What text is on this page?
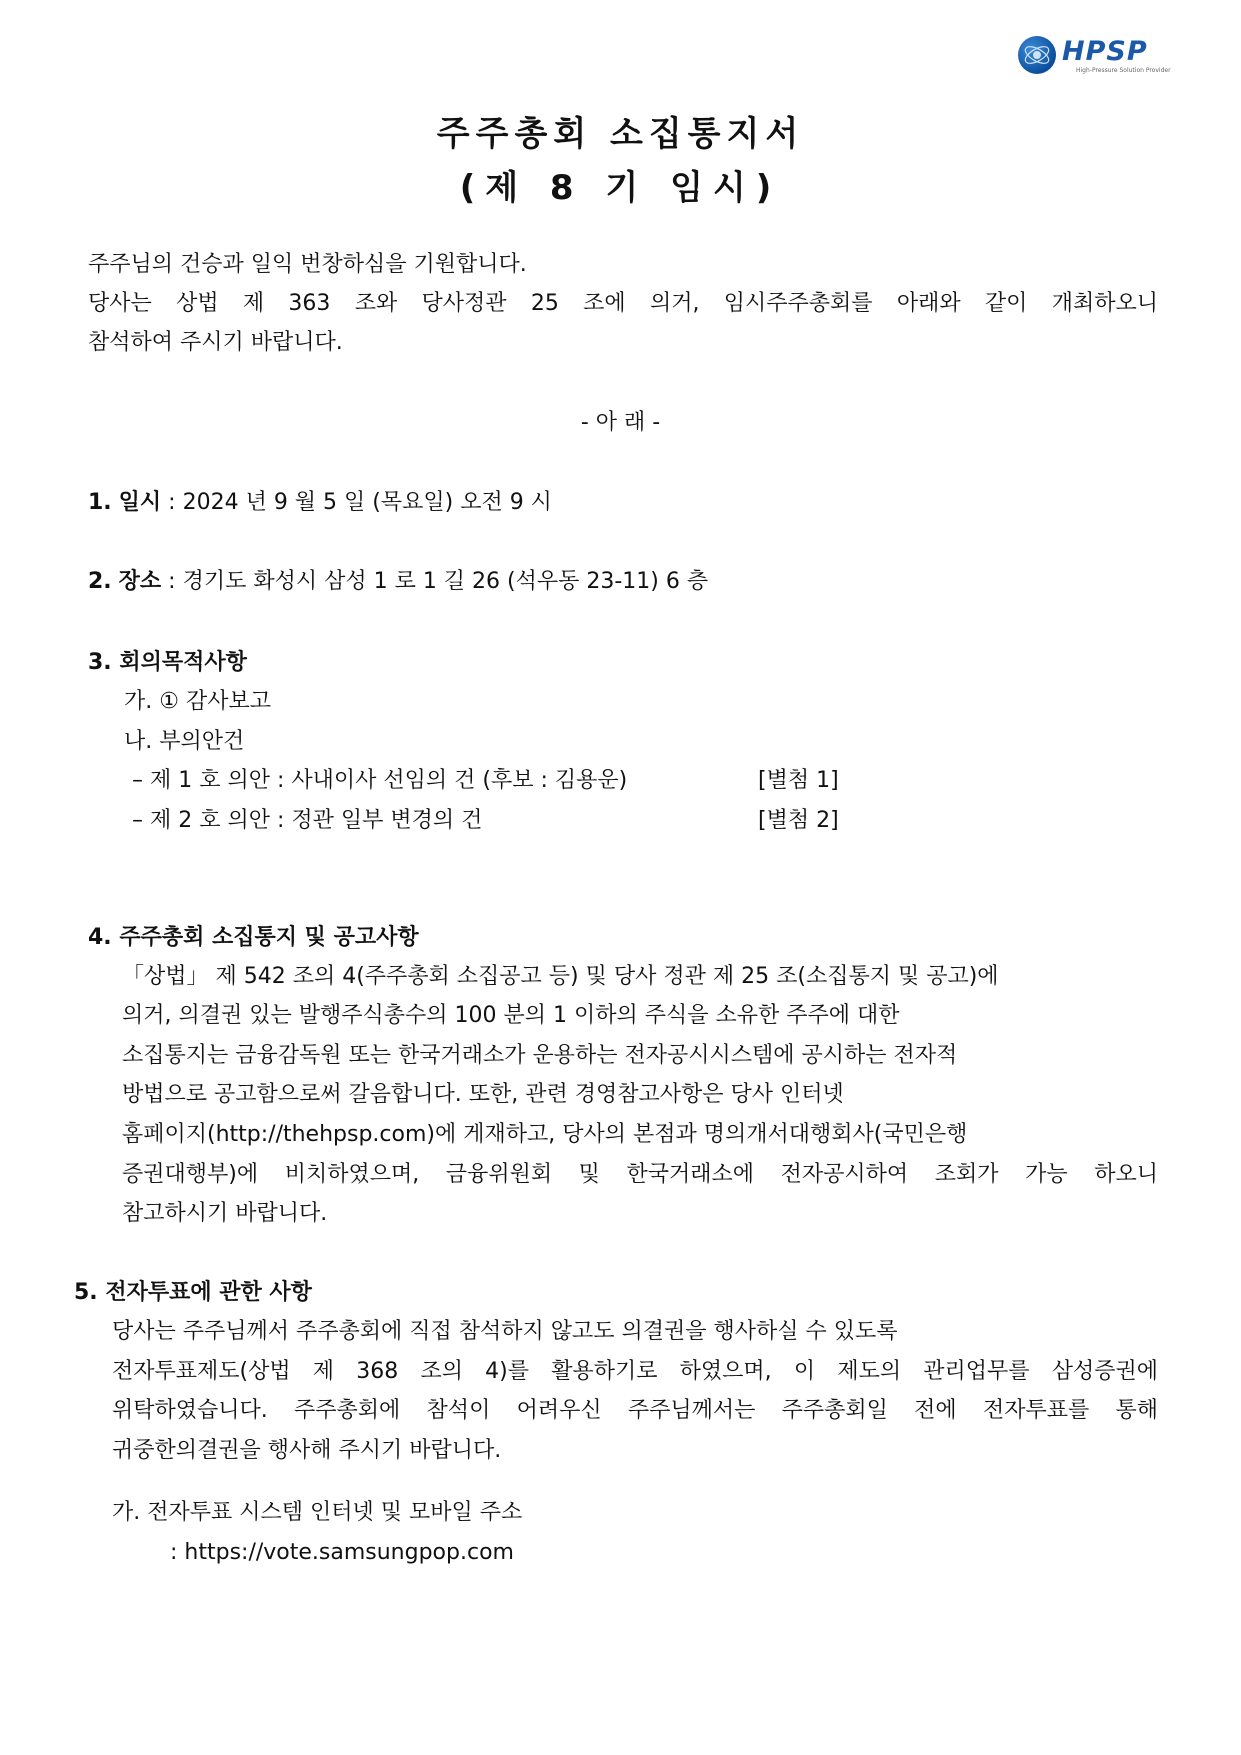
HPSP
High-Pressure Solution Provider
주주총회 소집통지서
(제 8 기 임시)
주주님의 건승과 일익 번창하심을 기원합니다.
당사는 상법 제 363 조와 당사정관 25 조에 의거, 임시주주총회를 아래와 같이 개최하오니
참석하여 주시기 바랍니다.
- 아 래 -
1. 일시 : 2024 년 9 월 5 일 (목요일) 오전 9 시
2. 장소 : 경기도 화성시 삼성 1 로 1 길 26 (석우동 23-11) 6 층
3. 회의목적사항
가. ① 감사보고
나. 부의안건
– 제 1 호 의안 : 사내이사 선임의 건 (후보 : 김용운)	[별첨 1]
– 제 2 호 의안 : 정관 일부 변경의 건	[별첨 2]
4. 주주총회 소집통지 및 공고사항
「상법」 제 542 조의 4(주주총회 소집공고 등) 및 당사 정관 제 25 조(소집통지 및 공고)에
의거, 의결권 있는 발행주식총수의 100 분의 1 이하의 주식을 소유한 주주에 대한
소집통지는 금융감독원 또는 한국거래소가 운용하는 전자공시시스템에 공시하는 전자적
방법으로 공고함으로써 갈음합니다. 또한, 관련 경영참고사항은 당사 인터넷
홈페이지(http://thehpsp.com)에 게재하고, 당사의 본점과 명의개서대행회사(국민은행
증권대행부)에 비치하였으며, 금융위원회 및 한국거래소에 전자공시하여 조회가 가능 하오니
참고하시기 바랍니다.
5. 전자투표에 관한 사항
당사는 주주님께서 주주총회에 직접 참석하지 않고도 의결권을 행사하실 수 있도록
전자투표제도(상법 제 368 조의 4)를 활용하기로 하였으며, 이 제도의 관리업무를 삼성증권에
위탁하였습니다. 주주총회에 참석이 어려우신 주주님께서는 주주총회일 전에 전자투표를 통해
귀중한의결권을 행사해 주시기 바랍니다.
가. 전자투표 시스템 인터넷 및 모바일 주소
: https://vote.samsungpop.com
